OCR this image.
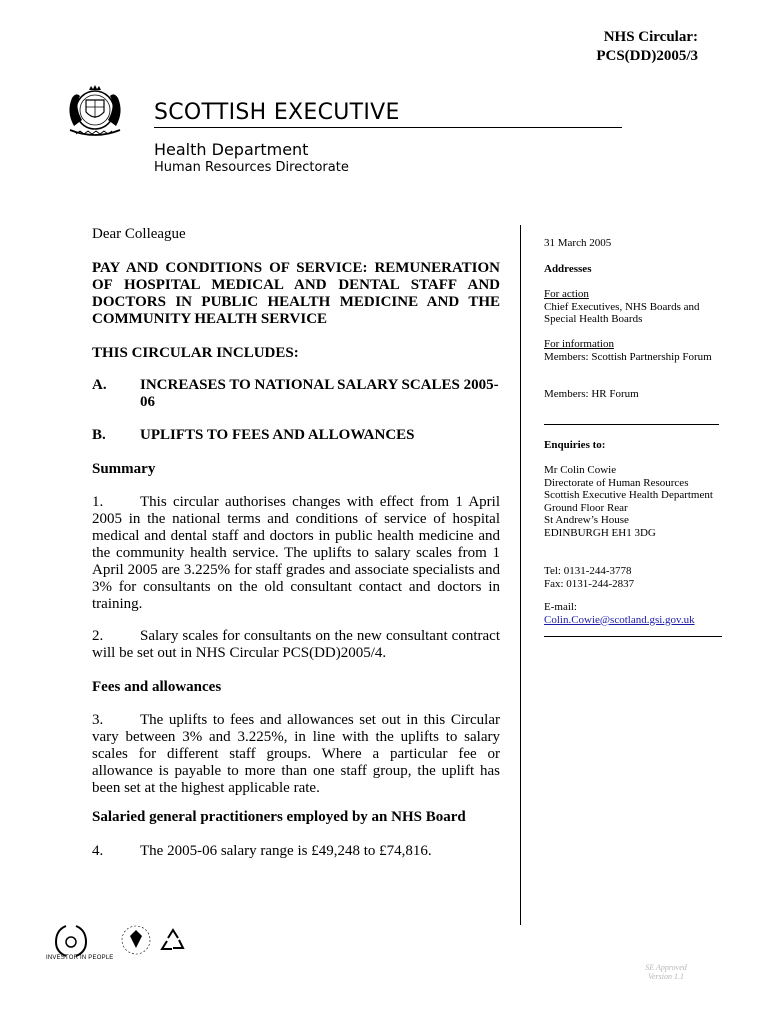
NHS Circular:
PCS(DD)2005/3
SCOTTISH EXECUTIVE
Health Department
Human Resources Directorate
Dear Colleague
PAY AND CONDITIONS OF SERVICE: REMUNERATION OF HOSPITAL MEDICAL AND DENTAL STAFF AND DOCTORS IN PUBLIC HEALTH MEDICINE AND THE COMMUNITY HEALTH SERVICE
THIS CIRCULAR INCLUDES:
A.	INCREASES TO NATIONAL SALARY SCALES 2005-06
B.	UPLIFTS TO FEES AND ALLOWANCES
Summary
1. This circular authorises changes with effect from 1 April 2005 in the national terms and conditions of service of hospital medical and dental staff and doctors in public health medicine and the community health service. The uplifts to salary scales from 1 April 2005 are 3.225% for staff grades and associate specialists and 3% for consultants on the old consultant contact and doctors in training.
2. Salary scales for consultants on the new consultant contract will be set out in NHS Circular PCS(DD)2005/4.
Fees and allowances
3. The uplifts to fees and allowances set out in this Circular vary between 3% and 3.225%, in line with the uplifts to salary scales for different staff groups. Where a particular fee or allowance is payable to more than one staff group, the uplift has been set at the highest applicable rate.
Salaried general practitioners employed by an NHS Board
4. The 2005-06 salary range is £49,248 to £74,816.
31 March 2005
Addresses
For action
Chief Executives, NHS Boards and Special Health Boards
For information
Members: Scottish Partnership Forum
Members: HR Forum
Enquiries to:
Mr Colin Cowie
Directorate of Human Resources
Scottish Executive Health Department
Ground Floor Rear
St Andrew’s House
EDINBURGH EH1 3DG
Tel: 0131-244-3778
Fax: 0131-244-2837
E-mail:
Colin.Cowie@scotland.gsi.gov.uk
INVESTOR IN PEOPLE
SE Approved
Version 1.1
